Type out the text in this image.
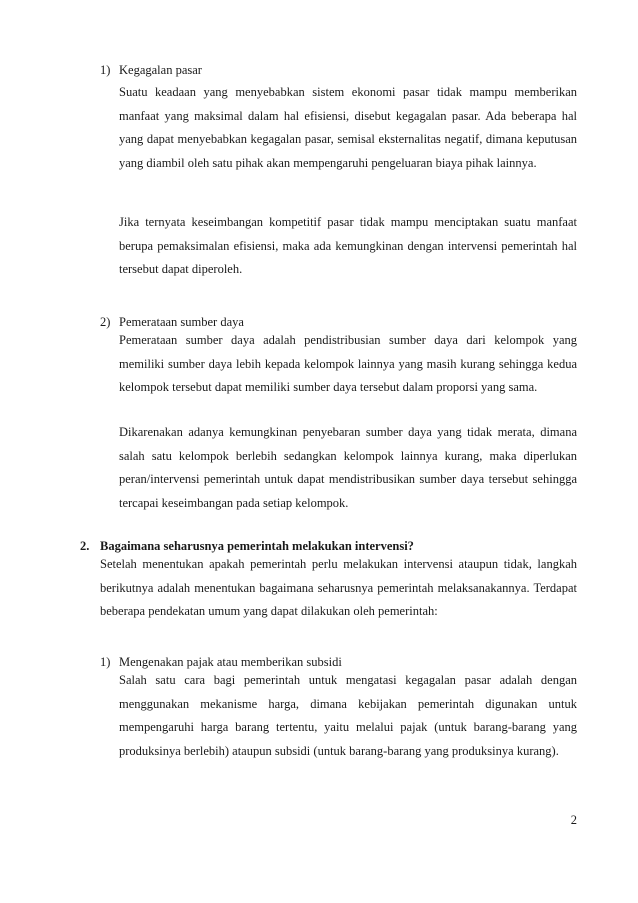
1) Kegagalan pasar

Suatu keadaan yang menyebabkan sistem ekonomi pasar tidak mampu memberikan manfaat yang maksimal dalam hal efisiensi, disebut kegagalan pasar. Ada beberapa hal yang dapat menyebabkan kegagalan pasar, semisal eksternalitas negatif, dimana keputusan yang diambil oleh satu pihak akan mempengaruhi pengeluaran biaya pihak lainnya.

Jika ternyata keseimbangan kompetitif pasar tidak mampu menciptakan suatu manfaat berupa pemaksimalan efisiensi, maka ada kemungkinan dengan intervensi pemerintah hal tersebut dapat diperoleh.

2) Pemerataan sumber daya

Pemerataan sumber daya adalah pendistribusian sumber daya dari kelompok yang memiliki sumber daya lebih kepada kelompok lainnya yang masih kurang sehingga kedua kelompok tersebut dapat memiliki sumber daya tersebut dalam proporsi yang sama.

Dikarenakan adanya kemungkinan penyebaran sumber daya yang tidak merata, dimana salah satu kelompok berlebih sedangkan kelompok lainnya kurang, maka diperlukan peran/intervensi pemerintah untuk dapat mendistribusikan sumber daya tersebut sehingga tercapai keseimbangan pada setiap kelompok.

2. Bagaimana seharusnya pemerintah melakukan intervensi?

Setelah menentukan apakah pemerintah perlu melakukan intervensi ataupun tidak, langkah berikutnya adalah menentukan bagaimana seharusnya pemerintah melaksanakannya. Terdapat beberapa pendekatan umum yang dapat dilakukan oleh pemerintah:

1) Mengenakan pajak atau memberikan subsidi

Salah satu cara bagi pemerintah untuk mengatasi kegagalan pasar adalah dengan menggunakan mekanisme harga, dimana kebijakan pemerintah digunakan untuk mempengaruhi harga barang tertentu, yaitu melalui pajak (untuk barang-barang yang produksinya berlebih) ataupun subsidi (untuk barang-barang yang produksinya kurang).

2
